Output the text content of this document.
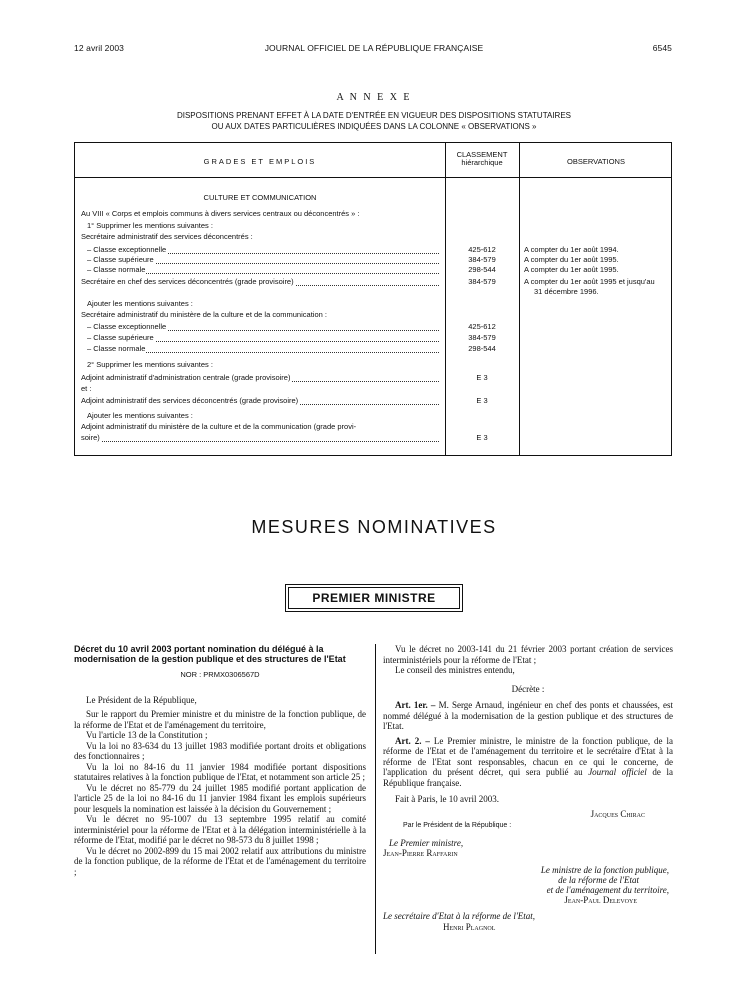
12 avril 2003	JOURNAL OFFICIEL DE LA RÉPUBLIQUE FRANÇAISE	6545
A N N E X E
DISPOSITIONS PRENANT EFFET À LA DATE D'ENTRÉE EN VIGUEUR DES DISPOSITIONS STATUTAIRES
OU AUX DATES PARTICULIÈRES INDIQUÉES DANS LA COLONNE « OBSERVATIONS »
GRADES ET EMPLOIS
CLASSEMENT
hiérarchique	OBSERVATIONS
CULTURE ET COMMUNICATION
Au VIII « Corps et emplois communs à divers services centraux ou déconcentrés » :
1° Supprimer les mentions suivantes :
Secrétaire administratif des services déconcentrés :
– Classe exceptionnelle	425-612	A compter du 1er août 1994.
– Classe supérieure	384-579	A compter du 1er août 1995.
– Classe normale	298-544	A compter du 1er août 1995.
Secrétaire en chef des services déconcentrés (grade provisoire)	384-579	A compter du 1er août 1995 et jusqu'au
31 décembre 1996.
Ajouter les mentions suivantes :
Secrétaire administratif du ministère de la culture et de la communication :
– Classe exceptionnelle	425-612
– Classe supérieure	384-579
– Classe normale	298-544
2° Supprimer les mentions suivantes :
Adjoint administratif d'administration centrale (grade provisoire)	E 3
et :
Adjoint administratif des services déconcentrés (grade provisoire)	E 3
Ajouter les mentions suivantes :
Adjoint administratif du ministère de la culture et de la communication (grade provi-
soire)	E 3
MESURES NOMINATIVES
PREMIER MINISTRE
Décret du 10 avril 2003 portant nomination du délégué à la modernisation de la gestion publique et des structures de l'Etat
NOR : PRMX0306567D

Le Président de la République,

Sur le rapport du Premier ministre et du ministre de la fonction publique, de la réforme de l'Etat et de l'aménagement du territoire,

Vu l'article 13 de la Constitution ;

Vu la loi no 83-634 du 13 juillet 1983 modifiée portant droits et obligations des fonctionnaires ;

Vu la loi no 84-16 du 11 janvier 1984 modifiée portant dispositions statutaires relatives à la fonction publique de l'Etat, et notamment son article 25 ;

Vu le décret no 85-779 du 24 juillet 1985 modifié portant application de l'article 25 de la loi no 84-16 du 11 janvier 1984 fixant les emplois supérieurs pour lesquels la nomination est laissée à la décision du Gouvernement ;

Vu le décret no 95-1007 du 13 septembre 1995 relatif au comité interministériel pour la réforme de l'Etat et à la délégation interministérielle à la réforme de l'Etat, modifié par le décret no 98-573 du 8 juillet 1998 ;

Vu le décret no 2002-899 du 15 mai 2002 relatif aux attributions du ministre de la fonction publique, de la réforme de l'Etat et de l'aménagement du territoire ;

Vu le décret no 2003-141 du 21 février 2003 portant création de services interministériels pour la réforme de l'Etat ;

Le conseil des ministres entendu,

Décrète :

Art. 1er. – M. Serge Arnaud, ingénieur en chef des ponts et chaussées, est nommé délégué à la modernisation de la gestion publique et des structures de l'Etat.

Art. 2. – Le Premier ministre, le ministre de la fonction publique, de la réforme de l'Etat et de l'aménagement du territoire et le secrétaire d'Etat à la réforme de l'Etat sont responsables, chacun en ce qui le concerne, de l'application du présent décret, qui sera publié au Journal officiel de la République française.

Fait à Paris, le 10 avril 2003.

Jacques Chirac
Par le Président de la République :
Le Premier ministre,
Jean-Pierre Raffarin
Le ministre de la fonction publique,
de la réforme de l'Etat
et de l'aménagement du territoire,
Jean-Paul Delevoye
Le secrétaire d'Etat à la réforme de l'Etat,
Henri Plagnol
